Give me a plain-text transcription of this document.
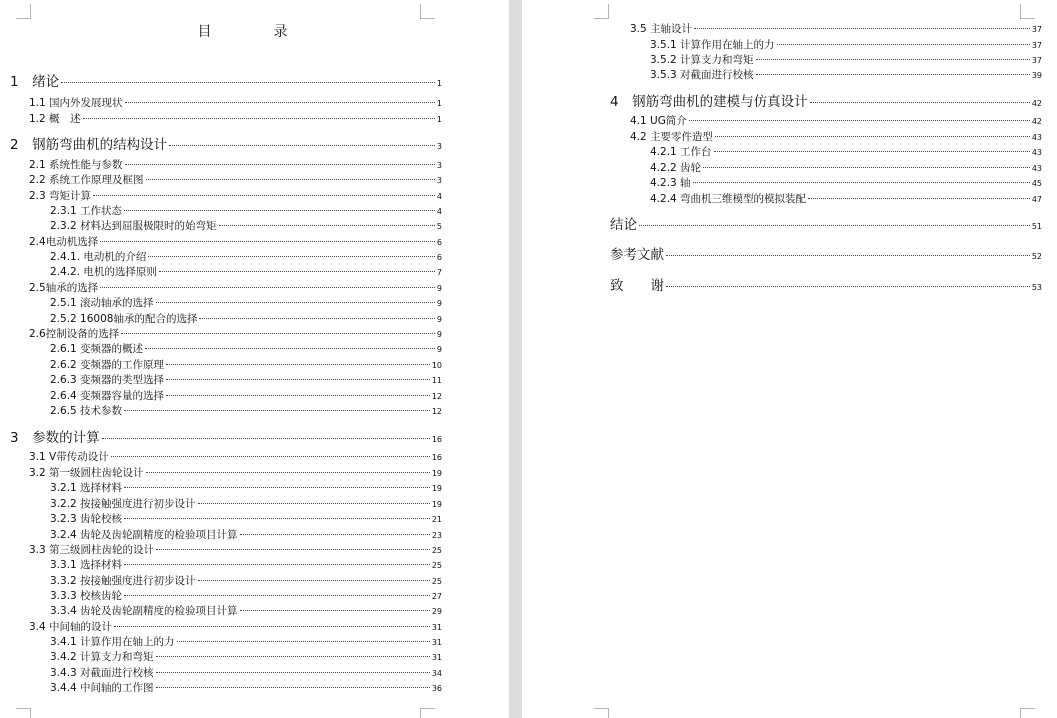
目　录
1　绪论	1
1.1 国内外发展现状	1
1.2 概　述	1
2　钢筋弯曲机的结构设计	3
2.1 系统性能与参数	3
2.2 系统工作原理及框图	3
2.3 弯矩计算	4
2.3.1 工作状态	4
2.3.2 材料达到屈服极限时的始弯矩	5
2.4电动机选择	6
2.4.1. 电动机的介绍	6
2.4.2. 电机的选择原则	7
2.5轴承的选择	9
2.5.1 滚动轴承的选择	9
2.5.2 16008轴承的配合的选择	9
2.6控制设备的选择	9
2.6.1 变频器的概述	9
2.6.2 变频器的工作原理	10
2.6.3 变频器的类型选择	11
2.6.4 变频器容量的选择	12
2.6.5 技术参数	12
3　参数的计算	16
3.1 V带传动设计	16
3.2 第一级圆柱齿轮设计	19
3.2.1 选择材料	19
3.2.2 按接触强度进行初步设计	19
3.2.3 齿轮校核	21
3.2.4 齿轮及齿轮副精度的检验项目计算	23
3.3 第三级圆柱齿轮的设计	25
3.3.1 选择材料	25
3.3.2 按接触强度进行初步设计	25
3.3.3 校核齿轮	27
3.3.4 齿轮及齿轮副精度的检验项目计算	29
3.4 中间轴的设计	31
3.4.1 计算作用在轴上的力	31
3.4.2 计算支力和弯矩	31
3.4.3 对截面进行校核	34
3.4.4 中间轴的工作图	36
3.5 主轴设计	37
3.5.1 计算作用在轴上的力	37
3.5.2 计算支力和弯矩	37
3.5.3 对截面进行校核	39
4　钢筋弯曲机的建模与仿真设计	42
4.1 UG简介	42
4.2 主要零件造型	43
4.2.1 工作台	43
4.2.2 齿轮	43
4.2.3 轴	45
4.2.4 弯曲机三维模型的模拟装配	47
结论	51
参考文献	52
致　　谢	53
